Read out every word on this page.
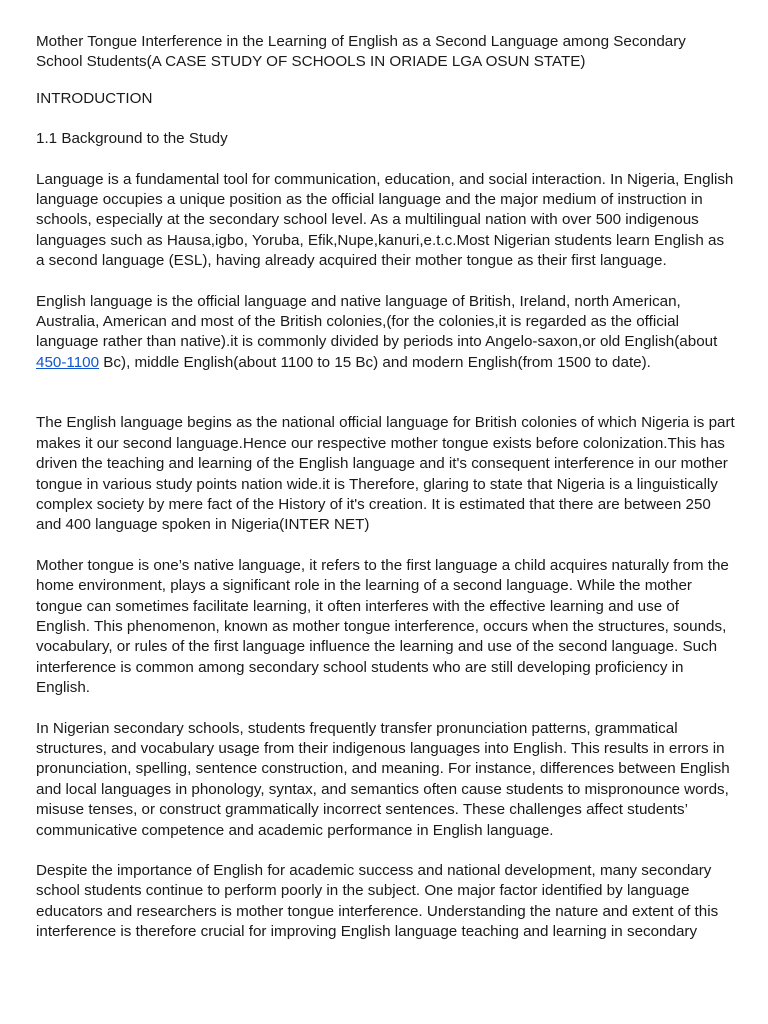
Mother Tongue Interference in the Learning of English as a Second Language among Secondary School Students(A CASE STUDY OF SCHOOLS IN ORIADE LGA OSUN STATE)

INTRODUCTION

1.1 Background to the Study

Language is a fundamental tool for communication, education, and social interaction. In Nigeria, English language occupies a unique position as the official language and the major medium of instruction in schools, especially at the secondary school level. As a multilingual nation with over 500 indigenous languages such as Hausa,igbo, Yoruba, Efik,Nupe,kanuri,e.t.c.Most Nigerian students learn English as a second language (ESL), having already acquired their mother tongue as their first language.

English language is the official language and native language of British, Ireland, north American, Australia, American and most of the British colonies,(for the colonies,it is regarded as the official language rather than native).it is commonly divided by periods into Angelo-saxon,or old English(about 450-1100 Bc), middle English(about 1100 to 15 Bc) and modern English(from 1500 to date).

The English language begins as the national official language for British colonies of which Nigeria is part makes it our second language.Hence our respective mother tongue exists before colonization.This has driven the teaching and learning of the English language and it's consequent interference in our mother tongue in various study points nation wide.it is Therefore, glaring to state that Nigeria is a linguistically complex society by mere fact of the History of it's creation. It is estimated that there are between 250 and 400 language spoken in Nigeria(INTER NET)

Mother tongue is one’s native language, it refers to the first language a child acquires naturally from the home environment, plays a significant role in the learning of a second language. While the mother tongue can sometimes facilitate learning, it often interferes with the effective learning and use of English. This phenomenon, known as mother tongue interference, occurs when the structures, sounds, vocabulary, or rules of the first language influence the learning and use of the second language. Such interference is common among secondary school students who are still developing proficiency in English.

In Nigerian secondary schools, students frequently transfer pronunciation patterns, grammatical structures, and vocabulary usage from their indigenous languages into English. This results in errors in pronunciation, spelling, sentence construction, and meaning. For instance, differences between English and local languages in phonology, syntax, and semantics often cause students to mispronounce words, misuse tenses, or construct grammatically incorrect sentences. These challenges affect students’ communicative competence and academic performance in English language.

Despite the importance of English for academic success and national development, many secondary school students continue to perform poorly in the subject. One major factor identified by language educators and researchers is mother tongue interference. Understanding the nature and extent of this interference is therefore crucial for improving English language teaching and learning in secondary
